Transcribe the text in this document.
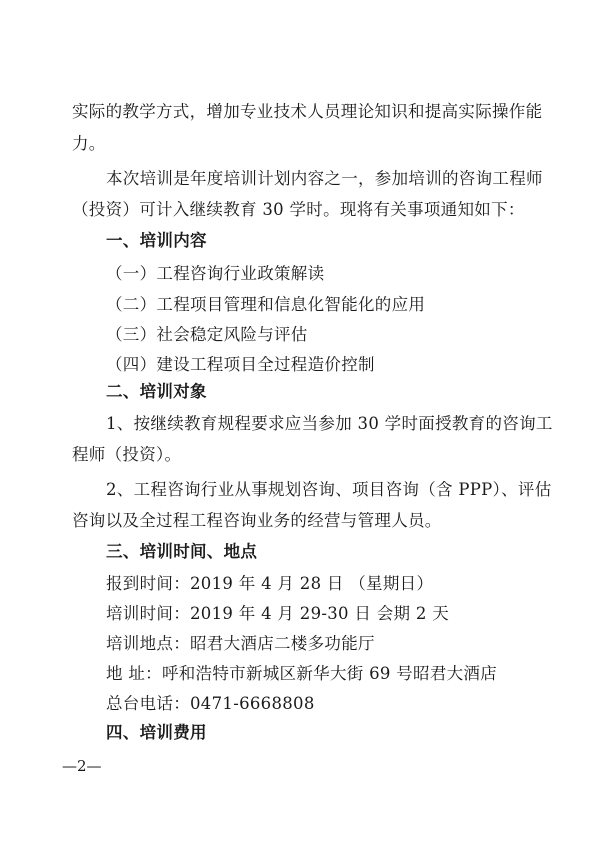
实际的教学方式，增加专业技术人员理论知识和提高实际操作能
力。
本次培训是年度培训计划内容之一，参加培训的咨询工程师
（投资）可计入继续教育 30 学时。现将有关事项通知如下：
一、培训内容
（一）工程咨询行业政策解读
（二）工程项目管理和信息化智能化的应用
（三）社会稳定风险与评估
（四）建设工程项目全过程造价控制
二、培训对象
1、按继续教育规程要求应当参加 30 学时面授教育的咨询工
程师（投资）。
2、工程咨询行业从事规划咨询、项目咨询（含 PPP）、评估
咨询以及全过程工程咨询业务的经营与管理人员。
三、培训时间、地点
报到时间：2019 年 4 月 28 日 （星期日）
培训时间：2019 年 4 月 29-30 日 会期 2 天
培训地点：昭君大酒店二楼多功能厅
地 址：呼和浩特市新城区新华大街 69 号昭君大酒店
总台电话：0471-6668808
四、培训费用
—2—
